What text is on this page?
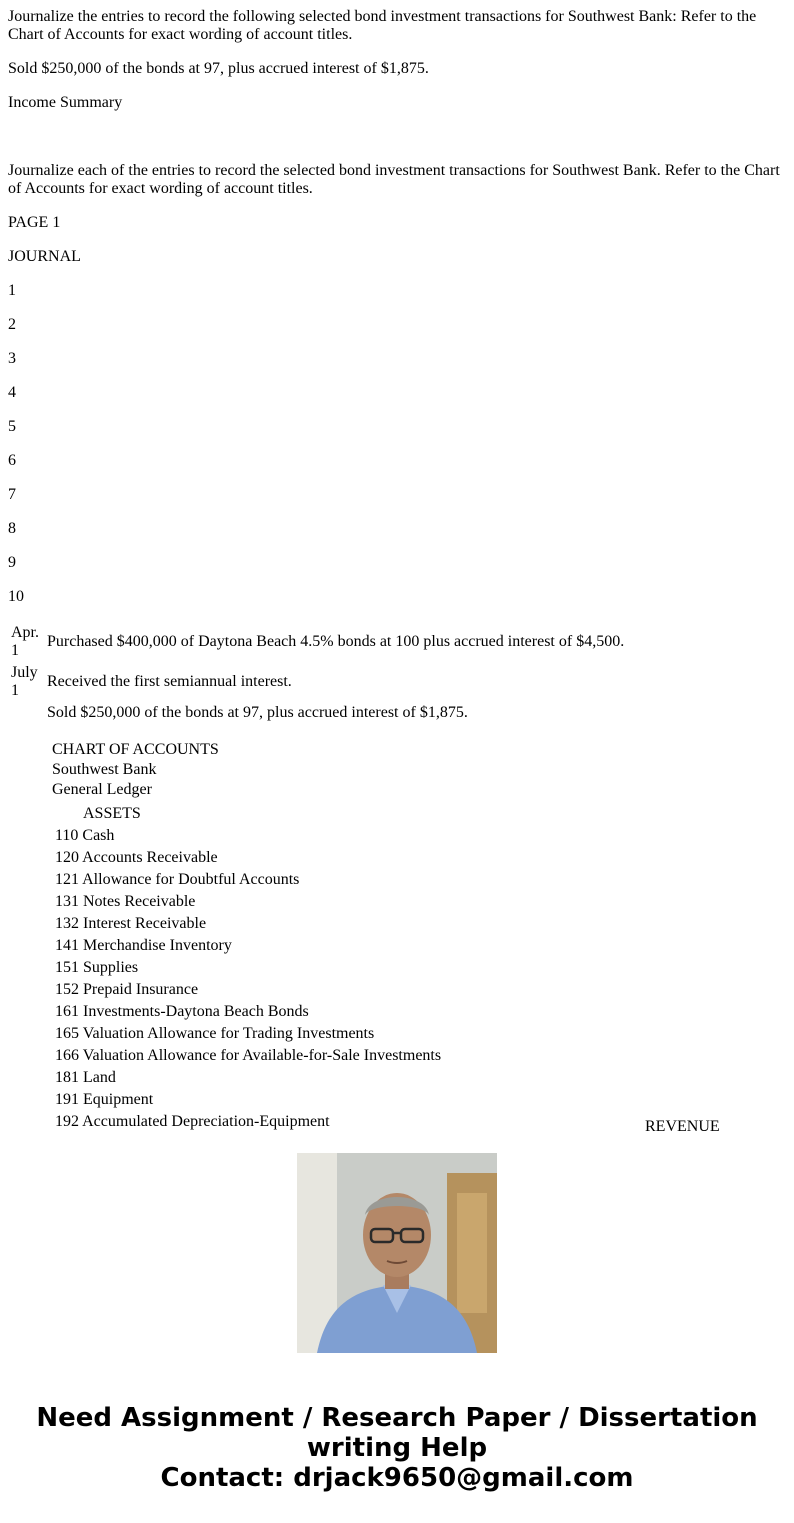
Journalize the entries to record the following selected bond investment transactions for Southwest Bank: Refer to the Chart of Accounts for exact wording of account titles.

Sold $250,000 of the bonds at 97, plus accrued interest of $1,875.

Income Summary

Journalize each of the entries to record the selected bond investment transactions for Southwest Bank. Refer to the Chart of Accounts for exact wording of account titles.

PAGE 1

JOURNAL

1

2

3

4

5

6

7

8

9

10

Apr. 1	Purchased $400,000 of Daytona Beach 4.5% bonds at 100 plus accrued interest of $4,500.
July 1	Received the first semiannual interest.
	Sold $250,000 of the bonds at 97, plus accrued interest of $1,875.
CHART OF ACCOUNTS
Southwest Bank
General Ledger
ASSETS
110 Cash
120 Accounts Receivable
121 Allowance for Doubtful Accounts
131 Notes Receivable
132 Interest Receivable
141 Merchandise Inventory
151 Supplies
152 Prepaid Insurance
161 Investments-Daytona Beach Bonds
165 Valuation Allowance for Trading Investments
166 Valuation Allowance for Available-for-Sale Investments
181 Land
191 Equipment
192 Accumulated Depreciation-Equipment	REVENUE
Need Assignment / Research Paper / Dissertation writing Help
Contact: drjack9650@gmail.com
